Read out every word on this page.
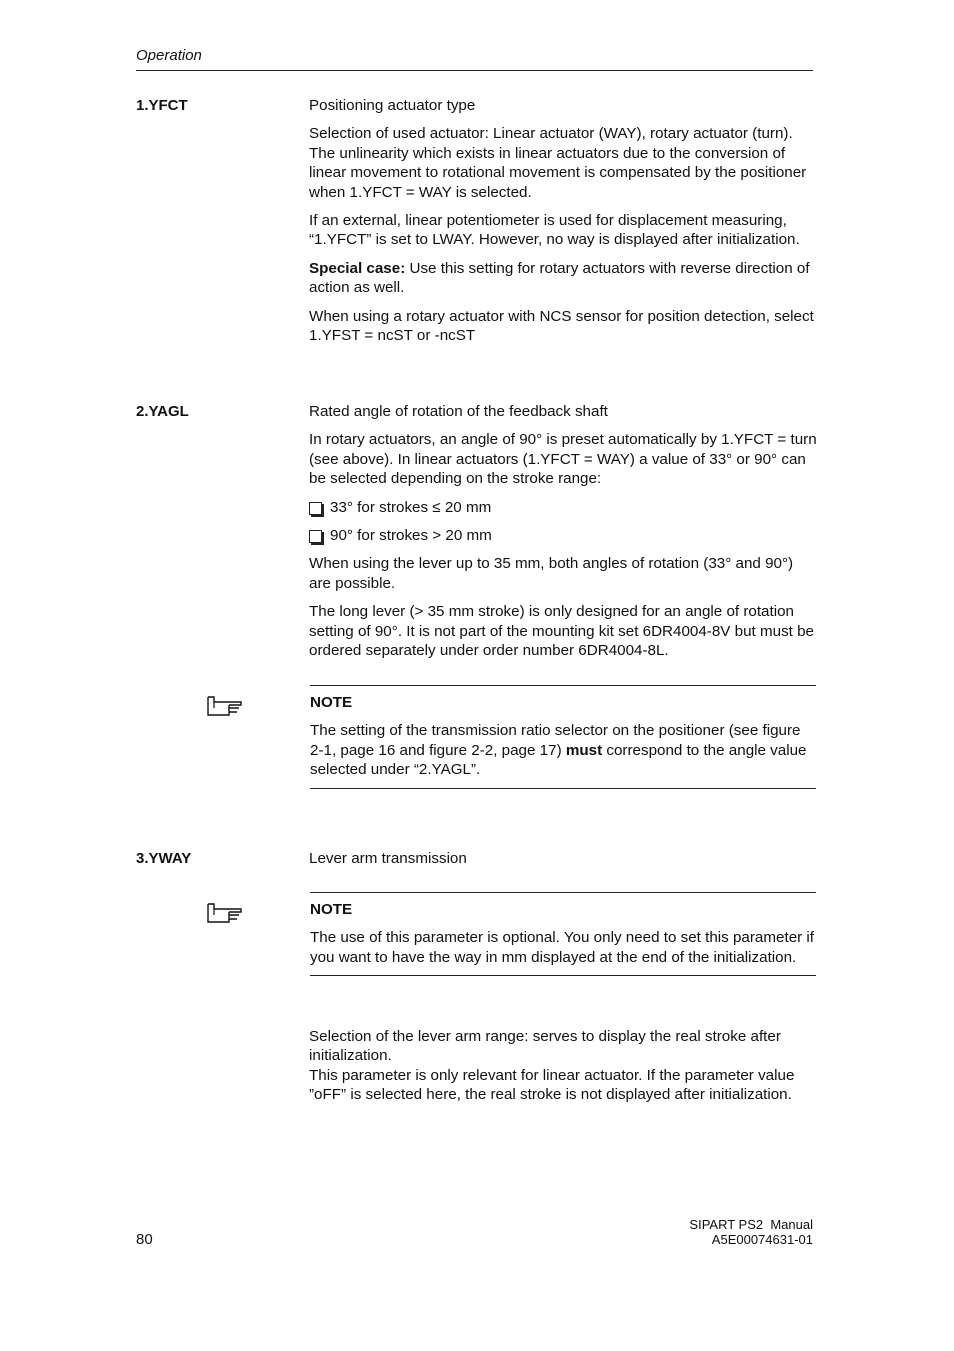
Operation
1.YFCT	Positioning actuator type

Selection of used actuator: Linear actuator (WAY), rotary actuator (turn). The unlinearity which exists in linear actuators due to the conversion of linear movement to rotational movement is compensated by the positioner when 1.YFCT = WAY is selected.

If an external, linear potentiometer is used for displacement measuring, “1.YFCT” is set to LWAY. However, no way is displayed after initialization.

Special case: Use this setting for rotary actuators with reverse direction of action as well.

When using a rotary actuator with NCS sensor for position detection, select 1.YFST = ncST or -ncST

2.YAGL	Rated angle of rotation of the feedback shaft

In rotary actuators, an angle of 90° is preset automatically by 1.YFCT = turn (see above). In linear actuators (1.YFCT = WAY) a value of 33° or 90° can be selected depending on the stroke range:

33° for strokes ≤ 20 mm
90° for strokes > 20 mm

When using the lever up to 35 mm, both angles of rotation (33° and 90°) are possible.

The long lever (> 35 mm stroke) is only designed for an angle of rotation setting of 90°. It is not part of the mounting kit set 6DR4004-8V but must be ordered separately under order number 6DR4004-8L.

NOTE
The setting of the transmission ratio selector on the positioner (see figure 2-1, page 16 and figure 2-2, page 17) must correspond to the angle value selected under “2.YAGL”.
3.YWAY	Lever arm transmission

NOTE
The use of this parameter is optional. You only need to set this parameter if you want to have the way in mm displayed at the end of the initialization.

Selection of the lever arm range: serves to display the real stroke after initialization.

This parameter is only relevant for linear actuator. If the parameter value ”oFF” is selected here, the real stroke is not displayed after initialization.

80
SIPART PS2  Manual
A5E00074631-01
